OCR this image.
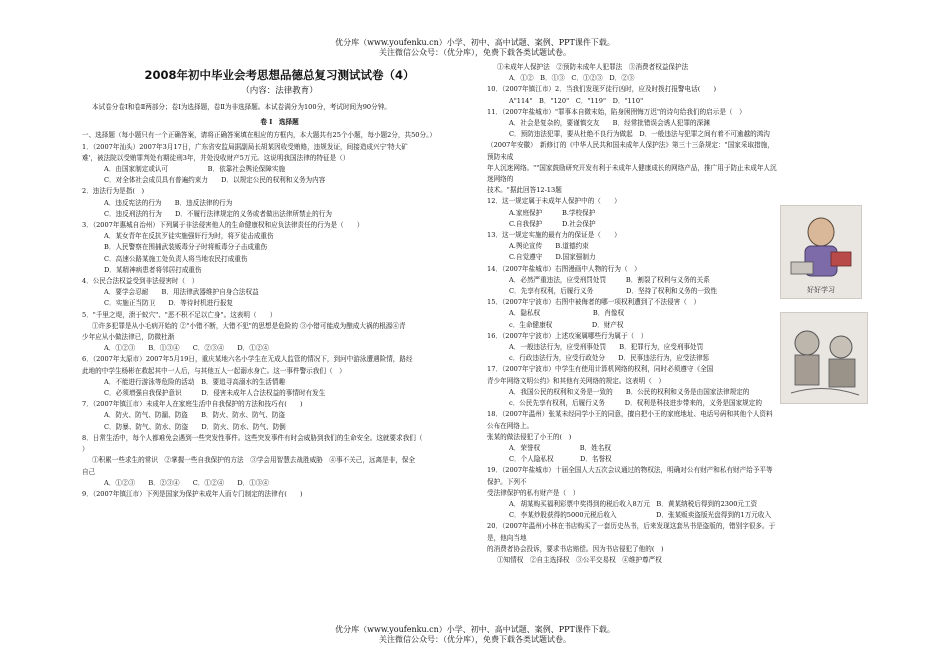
优分库（www.youfenku.cn）小学、初中、高中试题、案例、PPT课件下载。
关注微信公众号：（优分库），免费下载各类试题试卷。
2008年初中毕业会考思想品德总复习测试试卷（4）
（内容：法律教育）
本试卷分卷Ⅰ和卷Ⅱ两部分；卷Ⅰ为选择题，卷Ⅱ为非选择题。本试卷满分为100分，考试时间为90分钟。
卷 Ⅰ　选择题
一、选择题（每小题只有一个正确答案，请将正确答案填在相应的方框内，本大题共有25个小题，每小题2分，共50分。）
1．（2007年汕头）2007年3月17日，广东省安监局据副局长胡某因收受贿赂，违规发证，间接造成兴宁'特大矿
难'，被法院以受贿罪判处有期徒刑3年，并处没收财产5万元。这说明我国法律的特征是（）
A．由国家制定或认可　　　　　　B．依靠社会舆论保障实施
C．对全体社会成员具有普遍约束力　　D．以规定公民的权利和义务为内容
2．违法行为是指(　)
A．违反宪法的行为　　B．违反法律的行为
C．违反刑法的行为　　D．不履行法律规定的义务或者做出法律所禁止的行为
3．（2007年惠城自治州）下列属于非法侵害他人的生命健康权和应负法律责任的行为是（　　）
A．某女青年在反抗歹徒实施强奸行为时，将歹徒击成重伤
B．人民警察在围捕武装贩毒分子时将贩毒分子击成重伤
C．高速公路某施工处负责人将当地农民打成重伤
D．某精神病患者将邻居打成重伤
4．公民合法权益受到非法侵害时（　）
A．要学会忍耐　　B．用法律武器维护自身合法权益
C．实施正当防卫　　D．等待时机进行报复
5．"千里之堤，溃于蚁穴"、"恶不积不足以亡身"。这表明（　　）
①许多犯罪是从小毛病开始的 ②"小错不断，大错不犯"的思想是危险的 ③小错可能成为酿成大祸的根源④青
少年应从小做法律已，防微杜渐
A．①②③　　B．①③④　　C．②③④　　D．①②④
6．（2007年太原市）2007年5月19日，重庆某地六名小学生在无成人监管的情况下，到河中游泳遭遇险情，路经
此地的中学生杨彬在救起其中一人后，与其他五人一起溺水身亡。这一事件警示我们（　）
A．不能进行游泳等危险的活动　B．要追寻高溺水的生活情趣
C．必须增强自我保护意识　　　D．侵害未成年人合法权益的事情时有发生
7．（2007年镇江市）未成年人在家庭生活中自我保护的方法和技巧有(　　)
A．防火、防气、防漏、防盗　　B．防火、防水、防气、防盗
C．防暴、防气、防水、防盗　　D．防火、防水、防气、防倒
8．日常生活中，每个人都难免会遇到一些突发性事件。这些突发事件有时会威胁到我们的生命安全。这就要求我们（
）
①积累一些求生的常识　②掌握一些自我保护的方法　③学会用智慧去战胜威胁　④事不关己，远离是非，保全
自己
A．①②③　　B．②③④　　C．①②④　　D．①③④
9．（2007年镇江市）下列是国家为保护未成年人而专门制定的法律有(　　)
①未成年人保护法　②预防未成年人犯罪法　③消费者权益保护法
A．①②　B．①③　C．①②③　D．②③
10．（2007年镇江市）2．当我们发现歹徒行凶时，应及时拨打报警电话(　　)
A"114"　B．"120"　C．"119"　D．"110"
11．（2007年盐城市）"罪事本自微末始，陷身困囹悔万迟"的诗句给我们的启示是（　）
A．社会是复杂的，要谨慎交友　　B．经常批错误会诱人犯罪的深渊
C．预防违法犯罪，要从杜绝不良行为做起　D．一般违法与犯罪之间有着不可逾越的鸿沟
（2007年安徽）　新修订的《中华人民共和国未成年人保护法》第三十三条规定："国家采取措施，预防未成
年人沉迷网络。""国家鼓励研究开发有利于未成年人健康成长的网络产品，推广用于防止未成年人沉迷网络的
技术。"据此回答12-13题
12．这一规定属于未成年人保护中的（　　）
A.家庭保护　　　B.学校保护
C.自我保护　　　D.社会保护
13．这一规定实施的最有力的保证是（　　）
A.舆论宣传　　B.道德约束
C.自觉遵守　　D.国家强制力
14．（2007年盐城市）右图漫画中人物的行为（　）
A．必然严重违法，应受刑罚处罚　　　B．割裂了权利与义务的关系
C．先享有权利，后履行义务　　　　　D．坚持了权利和义务的一致性
15．（2007年宁波市）右图中被侮者的哪一项权利遭到了不法侵害（　）
A．隐私权　　　　　　　　B．肖像权
c．生命健康权　　　　　　D．财产权
16．（2007年宁波市）上述攻案属哪些行为属于（　）
A．一般违法行为，应受刑事处罚　　B．犯罪行为，应受刑事处罚
c．行政违法行为，应受行政处分　　D．民事违法行为，应受法律惩
17．（2007年宁波市）中学生有使用计算机网络的权利，同时必须遵守《全国
青少年网络文明公约》和其他有关网络的规定。这表明（　）
A．我国公民的权利和义务是一致的　　B．公民的权利和义务是由国家法律规定的
c．公民先享有权利，后履行义务　　　D．权利是科技进步带来的，义务是国家规定的
18．（2007年温州）张某未经同学小王的同意，擅自把小王的家庭地址、电话号码和其他个人资料公布在网络上。
张某的做法侵犯了小王的(　)
A．荣誉权　　　　　　B．姓名权
C．个人隐私权　　　　D．名誉权
19．（2007年盐城市）十届全国人大五次会议通过的物权法，明确对公有财产和私有财产给予平等保护。下列不
受法律保护的私有财产是（　）
A．胡某购买福利彩票中奖得到的税后收入8万元　B．黄某纳税后得到的2300元工资
C．李某炒股获得的5000元税后收入　　　　　　D．张某贩卖盗版光盘得到的1万元收入
20．（2007年温州)小林在书店购买了一套历史丛书，后来发现这套丛书是盗版的，错别字很多。于是，他向当地
的消费者协会投诉，要求书店赔偿。因为书店侵犯了他的(　)
①知情权　②自主选择权　③公平交易权　④维护尊严权
好好学习
优分库（www.youfenku.cn）小学、初中、高中试题、案例、PPT课件下载。
关注微信公众号：（优分库），免费下载各类试题试卷。
